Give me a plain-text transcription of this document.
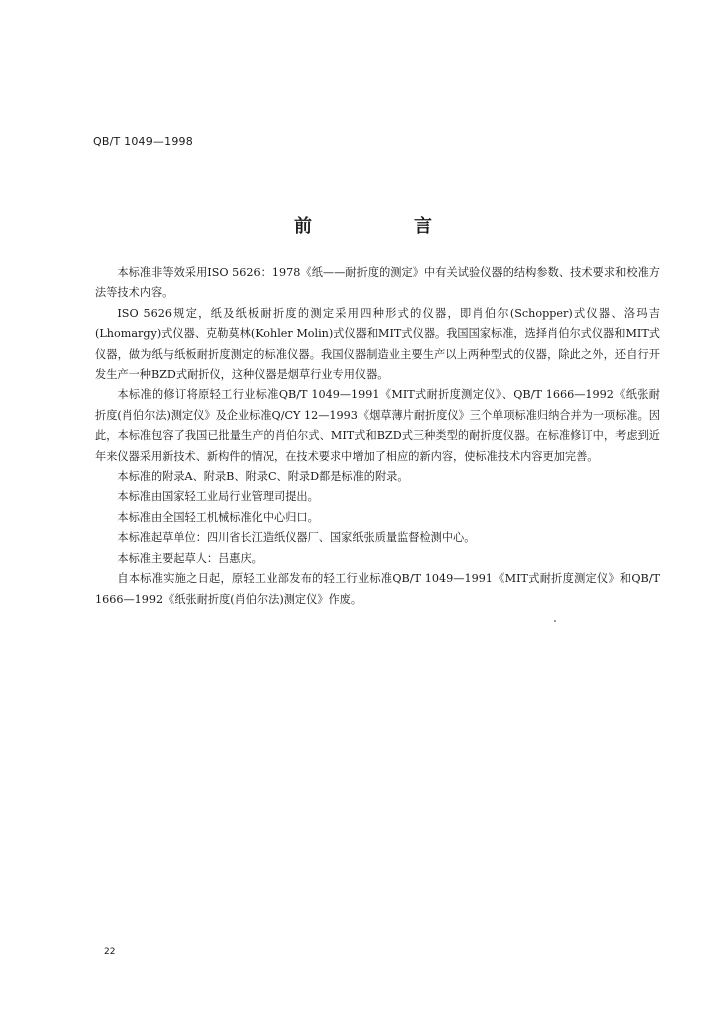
QB/T 1049—1998
前　言

本标准非等效采用ISO 5626：1978《纸——耐折度的测定》中有关试验仪器的结构参数、技术要求和校准方法等技术内容。

ISO 5626规定，纸及纸板耐折度的测定采用四种形式的仪器，即肖伯尔(Schopper)式仪器、洛玛吉(Lhomargy)式仪器、克勒莫林(Kohler Molin)式仪器和MIT式仪器。我国国家标准，选择肖伯尔式仪器和MIT式仪器，做为纸与纸板耐折度测定的标准仪器。我国仪器制造业主要生产以上两种型式的仪器，除此之外，还自行开发生产一种BZD式耐折仪，这种仪器是烟草行业专用仪器。

本标准的修订将原轻工行业标准QB/T 1049—1991《MIT式耐折度测定仪》、QB/T 1666—1992《纸张耐折度(肖伯尔法)测定仪》及企业标准Q/CY 12—1993《烟草薄片耐折度仪》三个单项标准归纳合并为一项标准。因此，本标准包容了我国已批量生产的肖伯尔式、MIT式和BZD式三种类型的耐折度仪器。在标准修订中，考虑到近年来仪器采用新技术、新构件的情况，在技术要求中增加了相应的新内容，使标准技术内容更加完善。

本标准的附录A、附录B、附录C、附录D都是标准的附录。

本标准由国家轻工业局行业管理司提出。

本标准由全国轻工机械标准化中心归口。

本标准起草单位：四川省长江造纸仪器厂、国家纸张质量监督检测中心。

本标准主要起草人：吕惠庆。

自本标准实施之日起，原轻工业部发布的轻工行业标准QB/T 1049—1991《MIT式耐折度测定仪》和QB/T 1666—1992《纸张耐折度(肖伯尔法)测定仪》作废。

22
